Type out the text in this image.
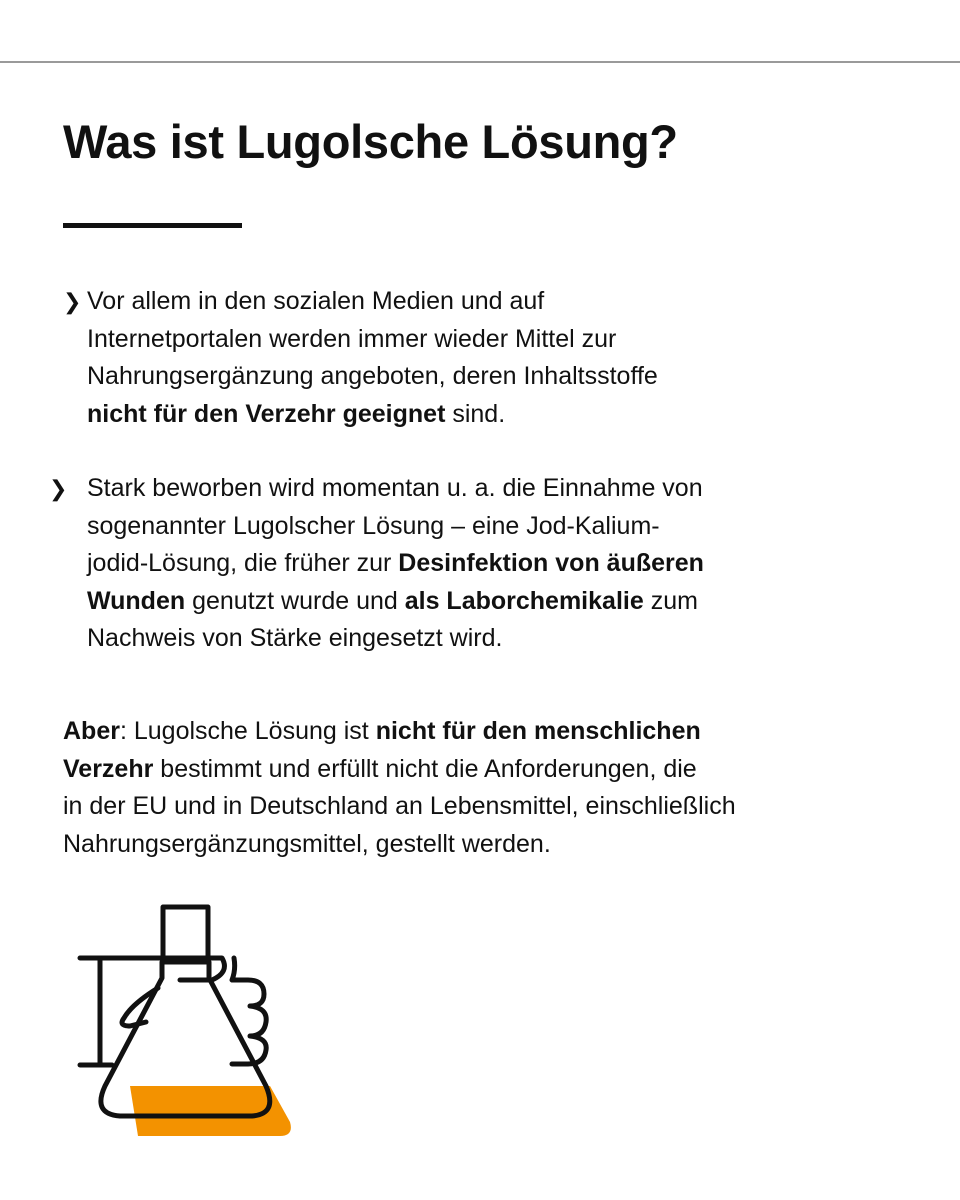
Was ist Lugolsche Lösung?
❯ Vor allem in den sozialen Medien und auf
Internetportalen werden immer wieder Mittel zur
Nahrungsergänzung angeboten, deren Inhaltsstoffe
nicht für den Verzehr geeignet sind.

❯ Stark beworben wird momentan u. a. die Einnahme von
sogenannter Lugolscher Lösung – eine Jod-Kalium-
jodid-Lösung, die früher zur Desinfektion von äußeren
Wunden genutzt wurde und als Laborchemikalie zum
Nachweis von Stärke eingesetzt wird.

Aber: Lugolsche Lösung ist nicht für den menschlichen
Verzehr bestimmt und erfüllt nicht die Anforderungen, die
in der EU und in Deutschland an Lebensmittel, einschließlich
Nahrungsergänzungsmittel, gestellt werden.
